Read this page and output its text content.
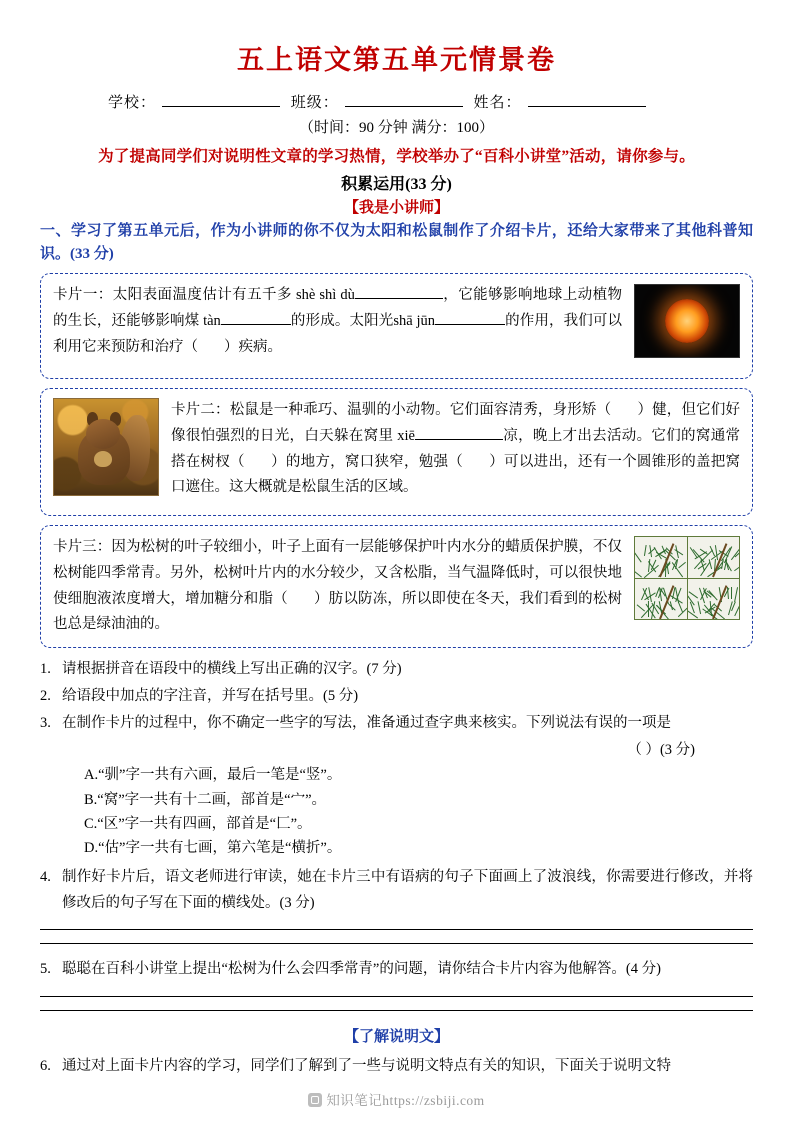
五上语文第五单元情景卷
学校：	班级：	姓名：
（时间：90 分钟 满分：100）
为了提高同学们对说明性文章的学习热情，学校举办了“百科小讲堂”活动，请你参与。
积累运用(33 分)
【我是小讲师】
一、学习了第五单元后，作为小讲师的你不仅为太阳和松鼠制作了介绍卡片，还给大家带来了其他科普知识。(33 分)
卡片一：太阳表面温度估计有五千多 shè shì dù	，它能够影响地球上动植物的生长，还能够影响煤 tàn	的形成。太阳光shā jūn	的作用，我们可以利用它来预防和治疗（ ）疾病。
卡片二：松鼠是一种乖巧、温驯的小动物。它们面容清秀，身形矫（ ）健，但它们好像很怕强烈的日光，白天躲在窝里 xiē	凉，晚上才出去活动。它们的窝通常搭在树杈（ ）的地方，窝口狭窄，勉强（ ）可以进出，还有一个圆锥形的盖把窝口遮住。这大概就是松鼠生活的区域。
卡片三：因为松树的叶子较细小，叶子上面有一层能够保护叶内水分的蜡质保护膜，不仅松树能四季常青。另外，松树叶片内的水分较少，又含松脂，当气温降低时，可以很快地使细胞液浓度增大，增加糖分和脂（ ）肪以防冻，所以即使在冬天，我们看到的松树也总是绿油油的。
1. 请根据拼音在语段中的横线上写出正确的汉字。(7 分)
2. 给语段中加点的字注音，并写在括号里。(5 分)
3. 在制作卡片的过程中，你不确定一些字的写法，准备通过查字典来核实。下列说法有误的一项是
（ ）(3 分)
A.“驯”字一共有六画，最后一笔是“竖”。
B.“窝”字一共有十二画，部首是“宀”。
C.“区”字一共有四画，部首是“匚”。
D.“估”字一共有七画，第六笔是“横折”。
4. 制作好卡片后，语文老师进行审读，她在卡片三中有语病的句子下面画上了波浪线，你需要进行修改，并将修改后的句子写在下面的横线处。(3 分)
5. 聪聪在百科小讲堂上提出“松树为什么会四季常青”的问题，请你结合卡片内容为他解答。(4 分)
【了解说明文】
6. 通过对上面卡片内容的学习，同学们了解到了一些与说明文特点有关的知识，下面关于说明文特
知识笔记https://zsbiji.com
